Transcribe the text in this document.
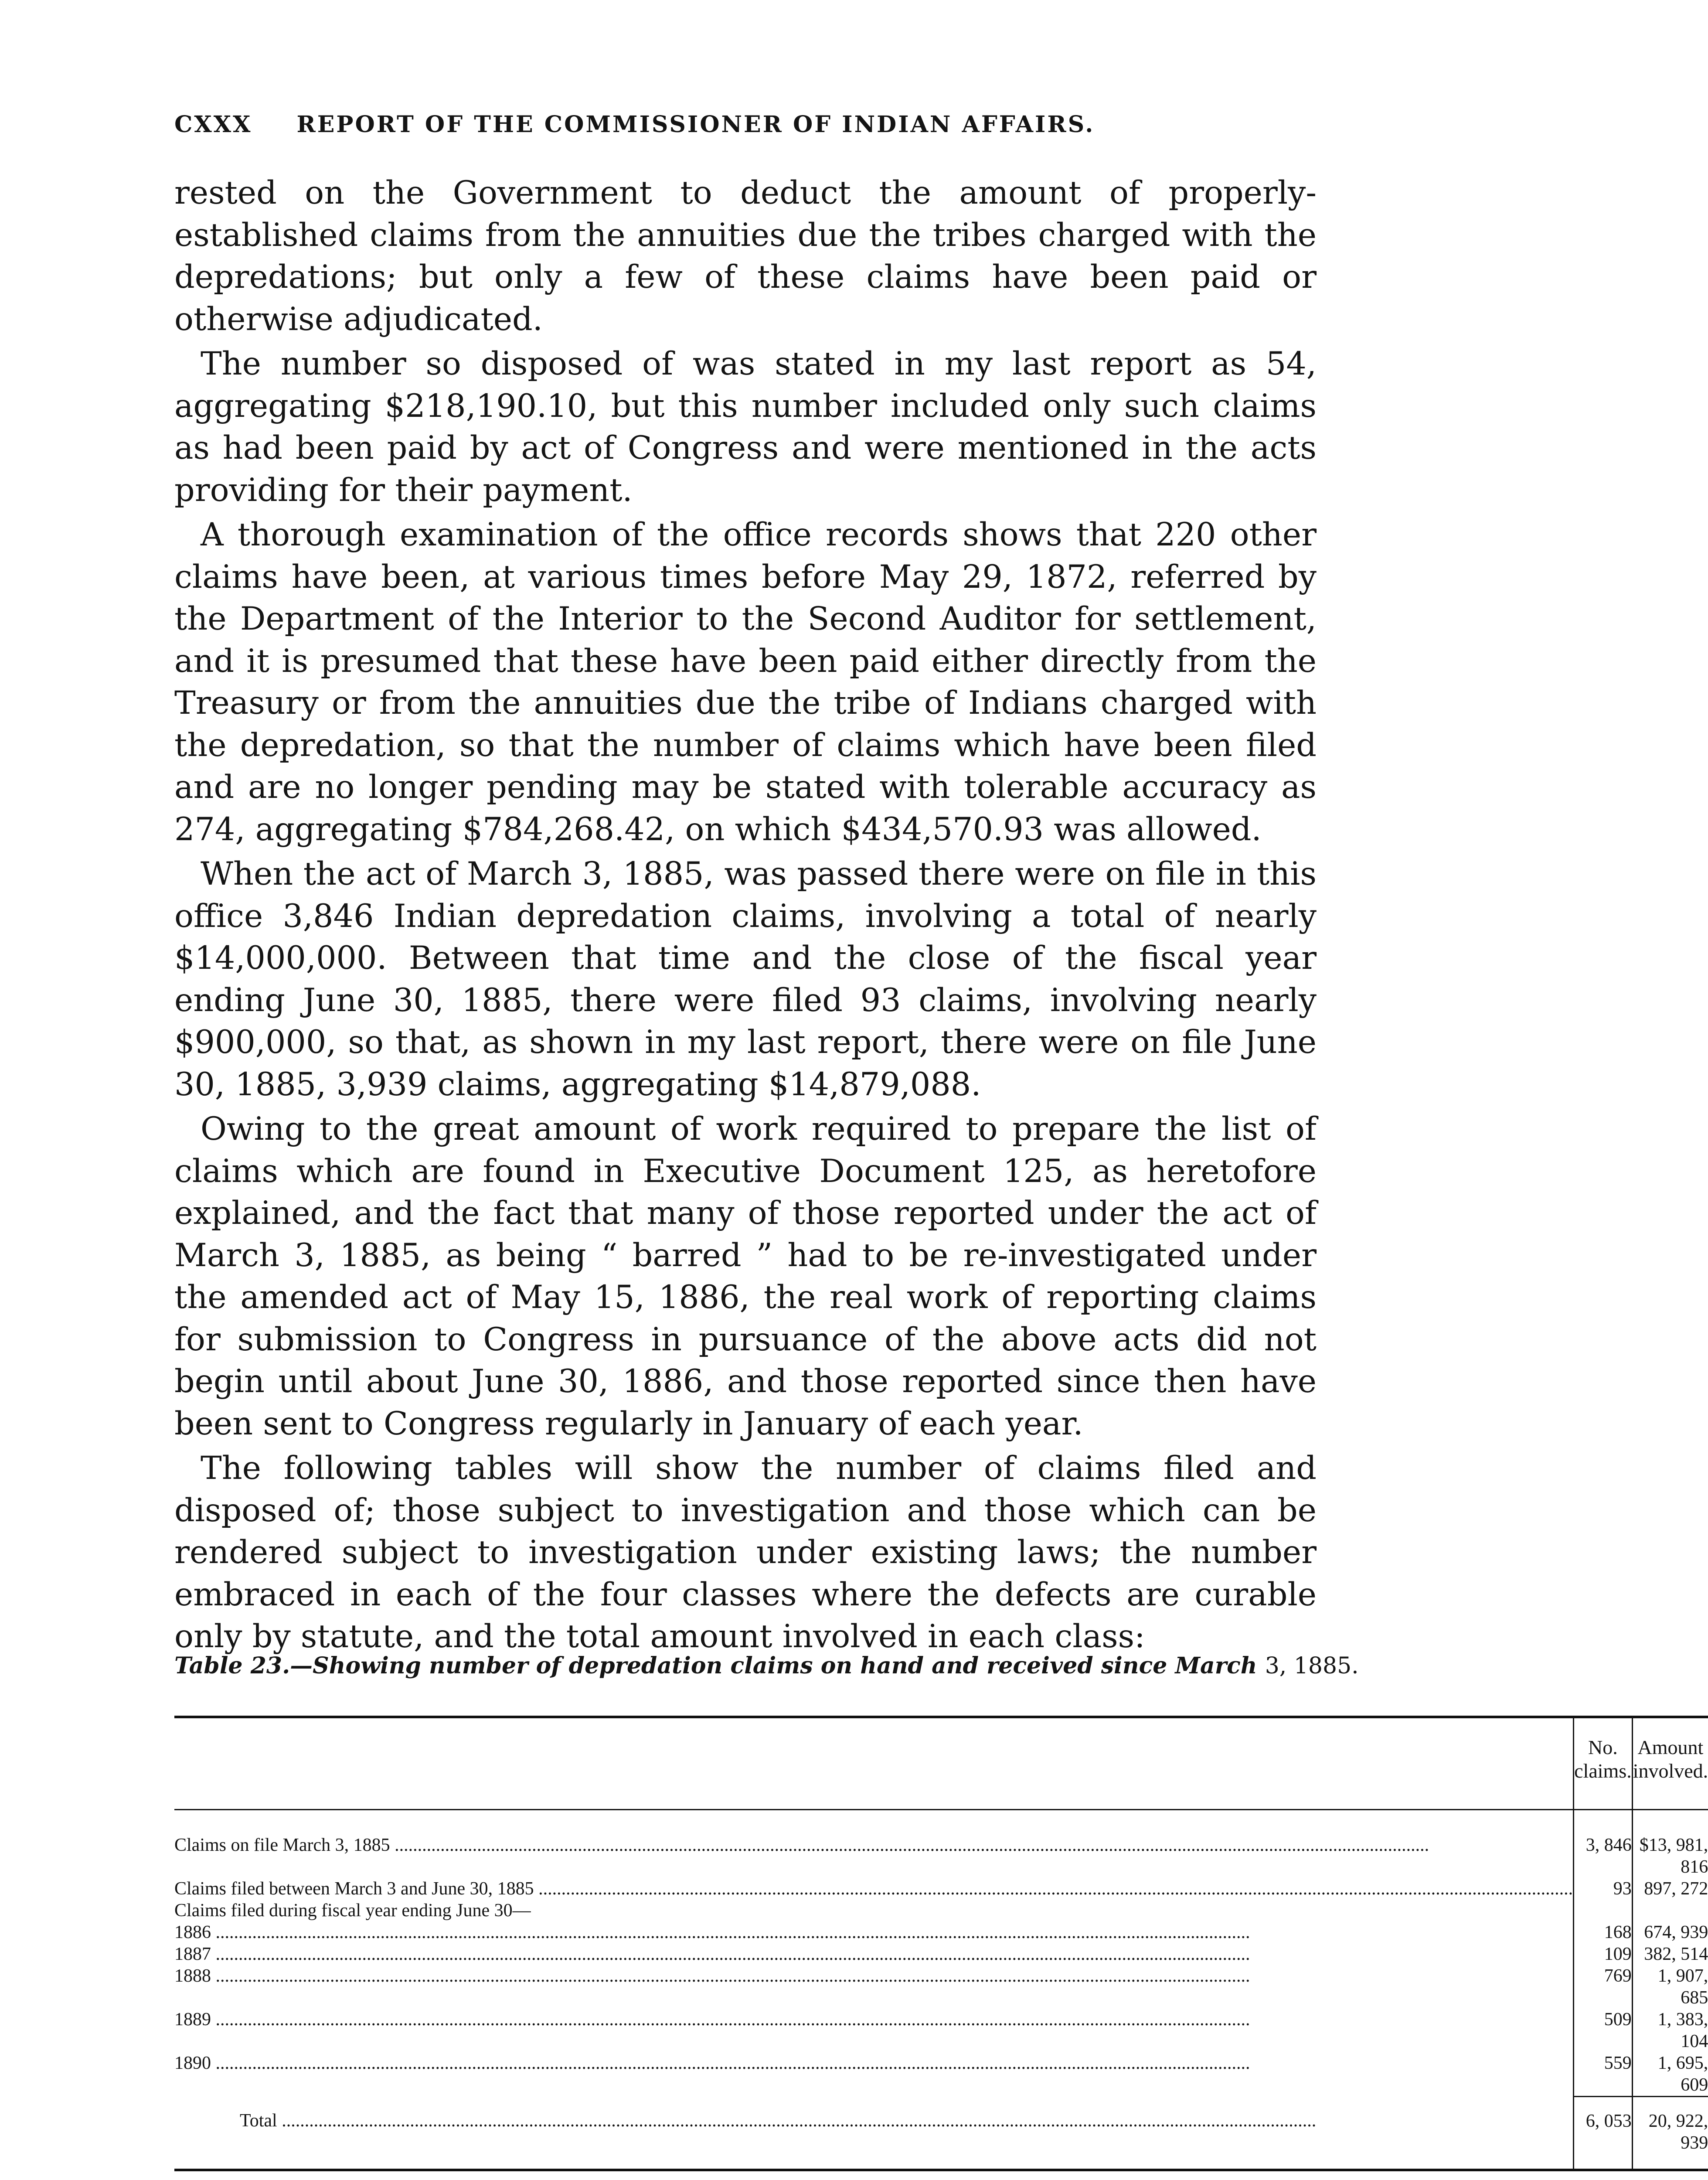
CXXX REPORT OF THE COMMISSIONER OF INDIAN AFFAIRS.

rested on the Government to deduct the amount of properly-established claims from the annuities due the tribes charged with the depredations; but only a few of these claims have been paid or otherwise adjudicated.

The number so disposed of was stated in my last report as 54, aggregating $218,190.10, but this number included only such claims as had been paid by act of Congress and were mentioned in the acts providing for their payment.

A thorough examination of the office records shows that 220 other claims have been, at various times before May 29, 1872, referred by the Department of the Interior to the Second Auditor for settlement, and it is presumed that these have been paid either directly from the Treasury or from the annuities due the tribe of Indians charged with the depredation, so that the number of claims which have been filed and are no longer pending may be stated with tolerable accuracy as 274, aggregating $784,268.42, on which $434,570.93 was allowed.

When the act of March 3, 1885, was passed there were on file in this office 3,846 Indian depredation claims, involving a total of nearly $14,000,000. Between that time and the close of the fiscal year ending June 30, 1885, there were filed 93 claims, involving nearly $900,000, so that, as shown in my last report, there were on file June 30, 1885, 3,939 claims, aggregating $14,879,088.

Owing to the great amount of work required to prepare the list of claims which are found in Executive Document 125, as heretofore explained, and the fact that many of those reported under the act of March 3, 1885, as being “ barred ” had to be re-investigated under the amended act of May 15, 1886, the real work of reporting claims for submission to Congress in pursuance of the above acts did not begin until about June 30, 1886, and those reported since then have been sent to Congress regularly in January of each year.

The following tables will show the number of claims filed and disposed of; those subject to investigation and those which can be rendered subject to investigation under existing laws; the number embraced in each of the four classes where the defects are curable only by statute, and the total amount involved in each class:

Table 23.—Showing number of depredation claims on hand and received since March 3, 1885.
	No. claims.	Amount involved.
Claims on file March 3, 1885 .....	3, 846	$13, 981, 816
Claims filed between March 3 and June 30, 1885 .....	93	897, 272
Claims filed during fiscal year ending June 30—		
1886 .....	168	674, 939
1887 .....	109	382, 514
1888 .....	769	1, 907, 685
1889 .....	509	1, 383, 104
1890 .....	559	1, 695, 609
Total .....	6, 053	20, 922, 939
